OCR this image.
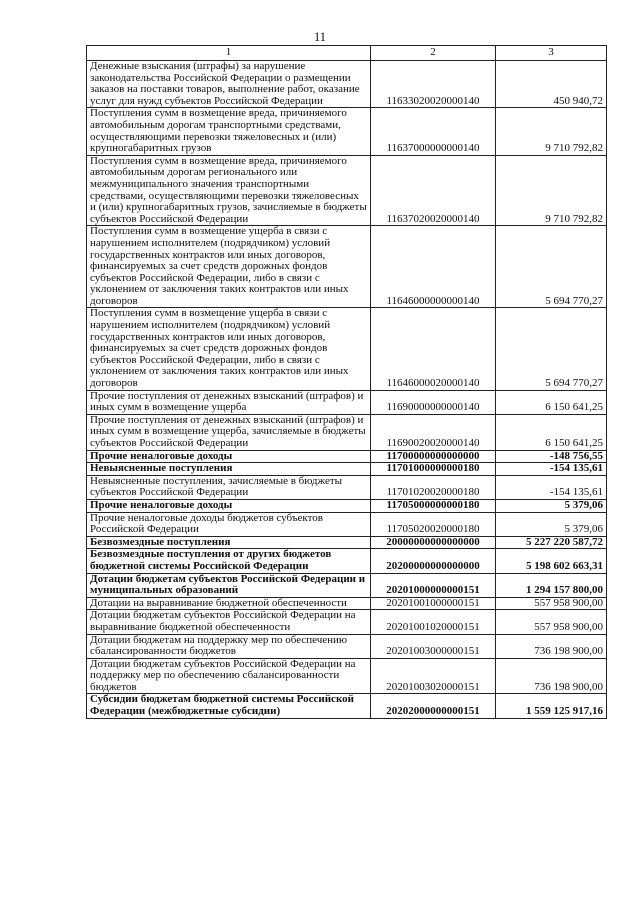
11
1	2	3
Денежные взыскания (штрафы) за нарушение законодательства Российской Федерации о размещении заказов на поставки товаров, выполнение работ, оказание услуг для нужд субъектов Российской Федерации	11633020020000140	450 940,72
Поступления сумм в возмещение вреда, причиняемого автомобильным дорогам транспортными средствами, осуществляющими перевозки тяжеловесных и (или) крупногабаритных грузов	11637000000000140	9 710 792,82
Поступления сумм в возмещение вреда, причиняемого автомобильным дорогам регионального или межмуниципального значения транспортными средствами, осуществляющими перевозки тяжеловесных и (или) крупногабаритных грузов, зачисляемые в бюджеты субъектов Российской Федерации	11637020020000140	9 710 792,82
Поступления сумм в возмещение ущерба в связи с нарушением исполнителем (подрядчиком) условий государственных контрактов или иных договоров, финансируемых за счет средств дорожных фондов субъектов Российской Федерации, либо в связи с уклонением от заключения таких контрактов или иных договоров	11646000000000140	5 694 770,27
Поступления сумм в возмещение ущерба в связи с нарушением исполнителем (подрядчиком) условий государственных контрактов или иных договоров, финансируемых за счет средств дорожных фондов субъектов Российской Федерации, либо в связи с уклонением от заключения таких контрактов или иных договоров	11646000020000140	5 694 770,27
Прочие поступления от денежных взысканий (штрафов) и иных сумм в возмещение ущерба	11690000000000140	6 150 641,25
Прочие поступления от денежных взысканий (штрафов) и иных сумм в возмещение ущерба, зачисляемые в бюджеты субъектов Российской Федерации	11690020020000140	6 150 641,25
Прочие неналоговые доходы	11700000000000000	-148 756,55
Невыясненные поступления	11701000000000180	-154 135,61
Невыясненные поступления, зачисляемые в бюджеты субъектов Российской Федерации	11701020020000180	-154 135,61
Прочие неналоговые доходы	11705000000000180	5 379,06
Прочие неналоговые доходы бюджетов субъектов Российской Федерации	11705020020000180	5 379,06
Безвозмездные поступления	20000000000000000	5 227 220 587,72
Безвозмездные поступления от других бюджетов бюджетной системы Российской Федерации	20200000000000000	5 198 602 663,31
Дотации бюджетам субъектов Российской Федерации и муниципальных образований	20201000000000151	1 294 157 800,00
Дотации на выравнивание бюджетной обеспеченности	20201001000000151	557 958 900,00
Дотации бюджетам субъектов Российской Федерации на выравнивание бюджетной обеспеченности	20201001020000151	557 958 900,00
Дотации бюджетам на поддержку мер по обеспечению сбалансированности бюджетов	20201003000000151	736 198 900,00
Дотации бюджетам субъектов Российской Федерации на поддержку мер по обеспечению сбалансированности бюджетов	20201003020000151	736 198 900,00
Субсидии бюджетам бюджетной системы Российской Федерации (межбюджетные субсидии)	20202000000000151	1 559 125 917,16
